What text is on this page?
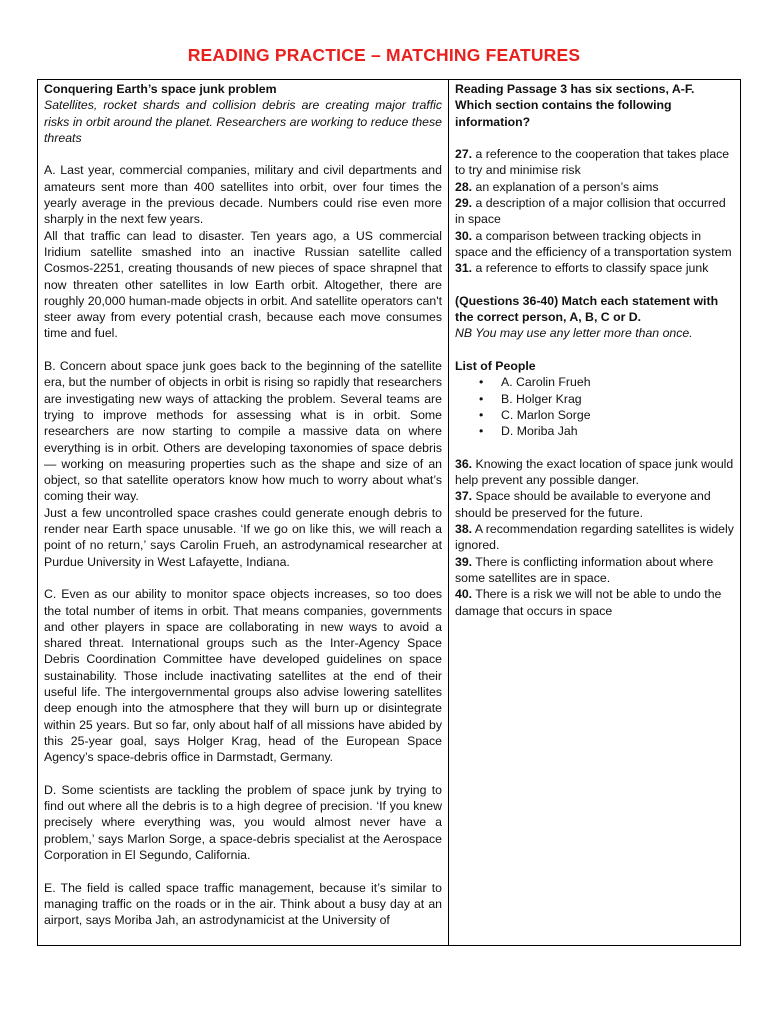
READING PRACTICE – MATCHING FEATURES

Conquering Earth’s space junk problem

Satellites, rocket shards and collision debris are creating major traffic risks in orbit around the planet. Researchers are working to reduce these threats

A. Last year, commercial companies, military and civil departments and amateurs sent more than 400 satellites into orbit, over four times the yearly average in the previous decade. Numbers could rise even more sharply in the next few years.

All that traffic can lead to disaster. Ten years ago, a US commercial Iridium satellite smashed into an inactive Russian satellite called Cosmos-2251, creating thousands of new pieces of space shrapnel that now threaten other satellites in low Earth orbit. Altogether, there are roughly 20,000 human-made objects in orbit. And satellite operators can't steer away from every potential crash, because each move consumes time and fuel.

B. Concern about space junk goes back to the beginning of the satellite era, but the number of objects in orbit is rising so rapidly that researchers are investigating new ways of attacking the problem. Several teams are trying to improve methods for assessing what is in orbit. Some researchers are now starting to compile a massive data on where everything is in orbit. Others are developing taxonomies of space debris — working on measuring properties such as the shape and size of an object, so that satellite operators know how much to worry about what’s coming their way.

Just a few uncontrolled space crashes could generate enough debris to render near Earth space unusable. ‘If we go on like this, we will reach a point of no return,’ says Carolin Frueh, an astrodynamical researcher at Purdue University in West Lafayette, Indiana.

C. Even as our ability to monitor space objects increases, so too does the total number of items in orbit. That means companies, governments and other players in space are collaborating in new ways to avoid a shared threat. International groups such as the Inter-Agency Space Debris Coordination Committee have developed guidelines on space sustainability. Those include inactivating satellites at the end of their useful life. The intergovernmental groups also advise lowering satellites deep enough into the atmosphere that they will burn up or disintegrate within 25 years. But so far, only about half of all missions have abided by this 25-year goal, says Holger Krag, head of the European Space Agency’s space-debris office in Darmstadt, Germany.

D. Some scientists are tackling the problem of space junk by trying to find out where all the debris is to a high degree of precision. ‘If you knew precisely where everything was, you would almost never have a problem,’ says Marlon Sorge, a space-debris specialist at the Aerospace Corporation in El Segundo, California.

E. The field is called space traffic management, because it’s similar to managing traffic on the roads or in the air. Think about a busy day at an airport, says Moriba Jah, an astrodynamicist at the University of

Reading Passage 3 has six sections, A-F.

Which section contains the following information?

27. a reference to the cooperation that takes place to try and minimise risk

28. an explanation of a person’s aims

29. a description of a major collision that occurred in space

30. a comparison between tracking objects in space and the efficiency of a transportation system

31. a reference to efforts to classify space junk

(Questions 36-40) Match each statement with the correct person, A, B, C or D.

NB You may use any letter more than once.

List of People

• A. Carolin Frueh
• B. Holger Krag
• C. Marlon Sorge
• D. Moriba Jah

36. Knowing the exact location of space junk would help prevent any possible danger.

37. Space should be available to everyone and should be preserved for the future.

38. A recommendation regarding satellites is widely ignored.

39. There is conflicting information about where some satellites are in space.

40. There is a risk we will not be able to undo the damage that occurs in space
